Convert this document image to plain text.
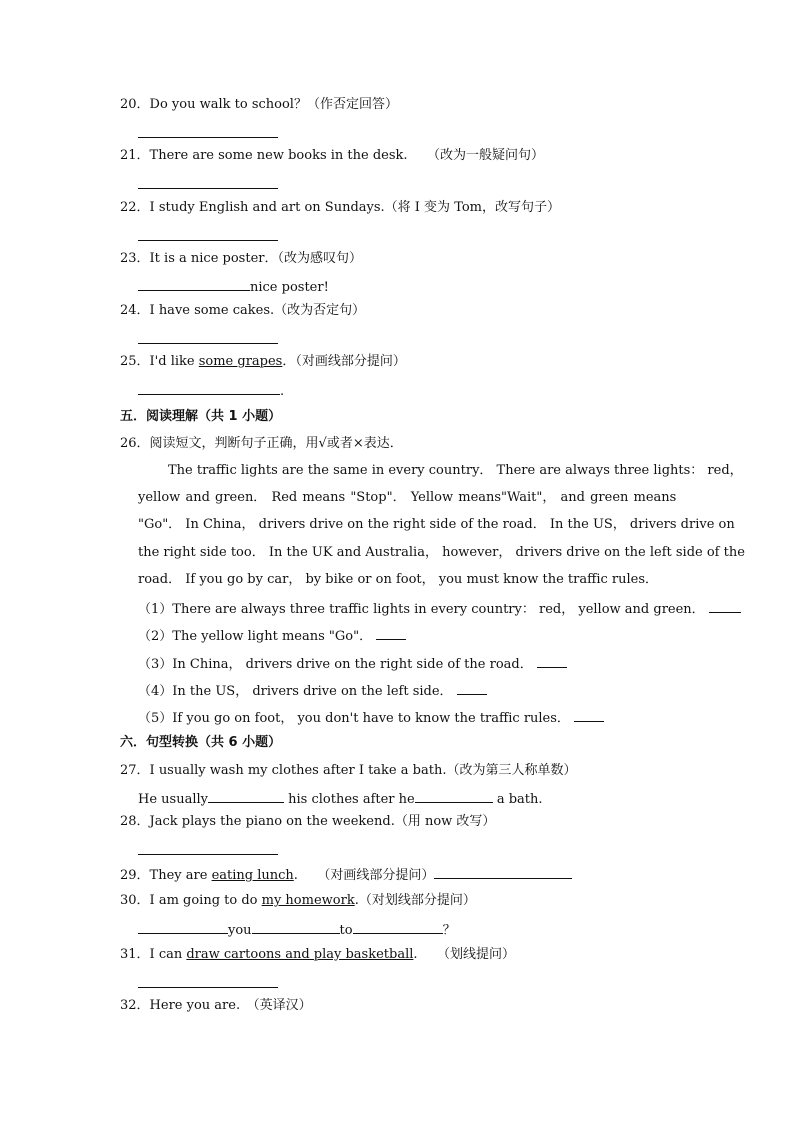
20．Do you walk to school？（作否定回答）
21．There are some new books in the desk.　　（改为一般疑问句）
22．I study English and art on Sundays.（将 I 变为 Tom，改写句子）
23．It is a nice poster．（改为感叹句）
nice poster!
24．I have some cakes.（改为否定句）
25．I'd like some grapes．（对画线部分提问）
.
五．阅读理解（共 1 小题）
26．阅读短文，判断句子正确，用√或者×表达．
The traffic lights are the same in every country． There are always three lights： red，
yellow and green． Red means "Stop"． Yellow means"Wait"， and green means
"Go"． In China， drivers drive on the right side of the road． In the US， drivers drive on
the right side too． In the UK and Australia， however， drivers drive on the left side of the
road． If you go by car， by bike or on foot， you must know the traffic rules．
（1）There are always three traffic lights in every country： red， yellow and green．
（2）The yellow light means "Go"．
（3）In China， drivers drive on the right side of the road．
（4）In the US， drivers drive on the left side．
（5）If you go on foot， you don't have to know the traffic rules．
六．句型转换（共 6 小题）
27．I usually wash my clothes after I take a bath.（改为第三人称单数）
He usually	his clothes after he	a bath.
28．Jack plays the piano on the weekend.（用 now 改写）
29．They are eating lunch.　　（对画线部分提问）
30．I am going to do my homework.（对划线部分提问）
you	to	？
31．I can draw cartoons and play basketball.　　（划线提问）
32．Here you are.　（英译汉）
